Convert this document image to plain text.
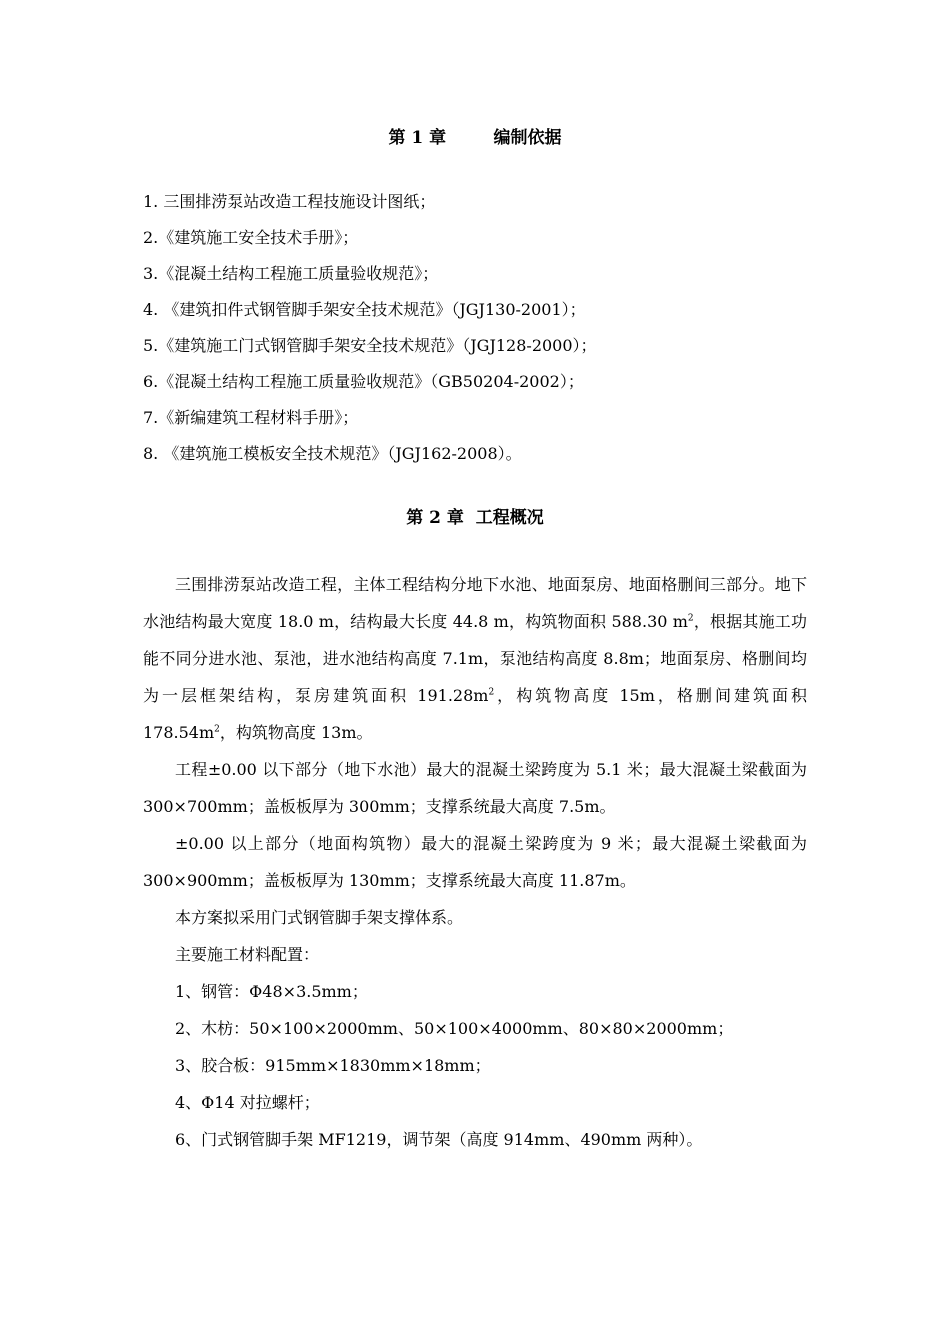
第 1 章        编制依据
1. 三围排涝泵站改造工程技施设计图纸；
2.《建筑施工安全技术手册》；
3.《混凝土结构工程施工质量验收规范》；
4. 《建筑扣件式钢管脚手架安全技术规范》（JGJ130-2001）；
5.《建筑施工门式钢管脚手架安全技术规范》（JGJ128-2000）；
6.《混凝土结构工程施工质量验收规范》（GB50204-2002）；
7.《新编建筑工程材料手册》；
8. 《建筑施工模板安全技术规范》（JGJ162-2008）。
第 2 章  工程概况

三围排涝泵站改造工程，主体工程结构分地下水池、地面泵房、地面格删间三部分。地下水池结构最大宽度 18.0 m，结构最大长度 44.8 m，构筑物面积 588.30 $m^2$，根据其施工功能不同分进水池、泵池，进水池结构高度 7.1m，泵池结构高度 8.8m；地面泵房、格删间均为一层框架结构，泵房建筑面积 $191.28m^2$，构筑物高度 15m，格删间建筑面积 $178.54m^2$，构筑物高度 13m。

工程±0.00 以下部分（地下水池）最大的混凝土梁跨度为 5.1 米；最大混凝土梁截面为 300×700mm；盖板板厚为 300mm；支撑系统最大高度 7.5m。

±0.00 以上部分（地面构筑物）最大的混凝土梁跨度为 9 米；最大混凝土梁截面为 300×900mm；盖板板厚为 130mm；支撑系统最大高度 11.87m。

本方案拟采用门式钢管脚手架支撑体系。

主要施工材料配置：

1、钢管：Φ48×3.5mm；
2、木枋：50×100×2000mm、50×100×4000mm、80×80×2000mm；
3、胶合板：915mm×1830mm×18mm；
4、Φ14 对拉螺杆；
6、门式钢管脚手架 MF1219，调节架（高度 914mm、490mm 两种）。
